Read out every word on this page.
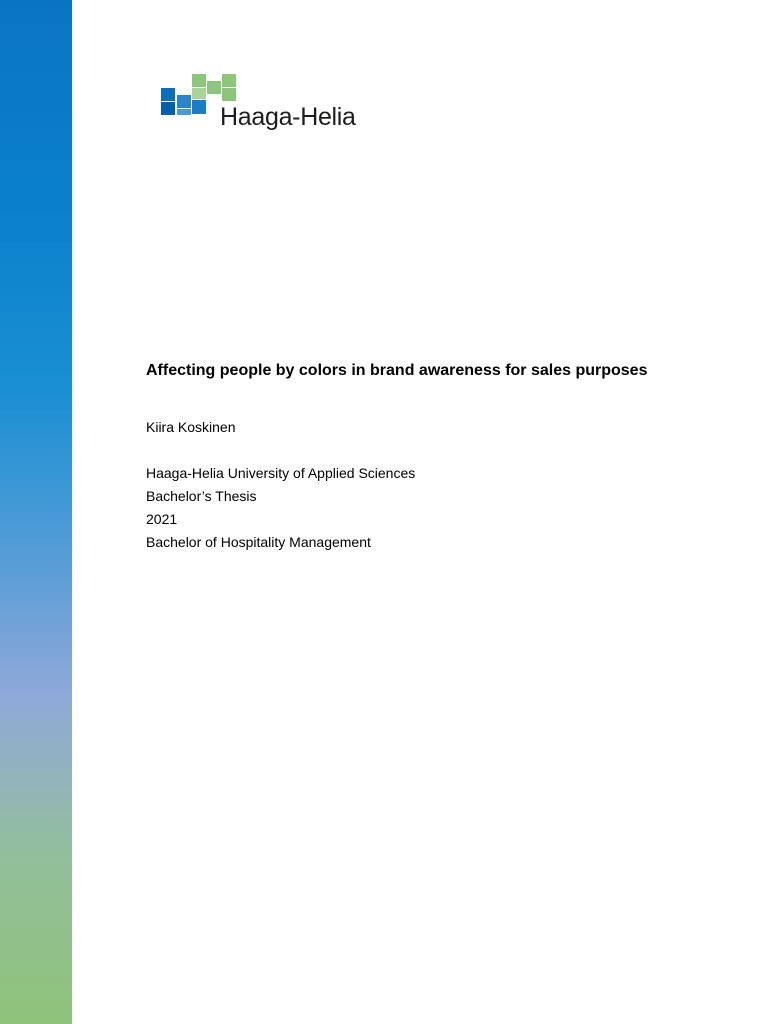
Haaga-Helia
Affecting people by colors in brand awareness for sales purposes
Kiira Koskinen
Haaga-Helia University of Applied Sciences
Bachelor’s Thesis
2021
Bachelor of Hospitality Management
